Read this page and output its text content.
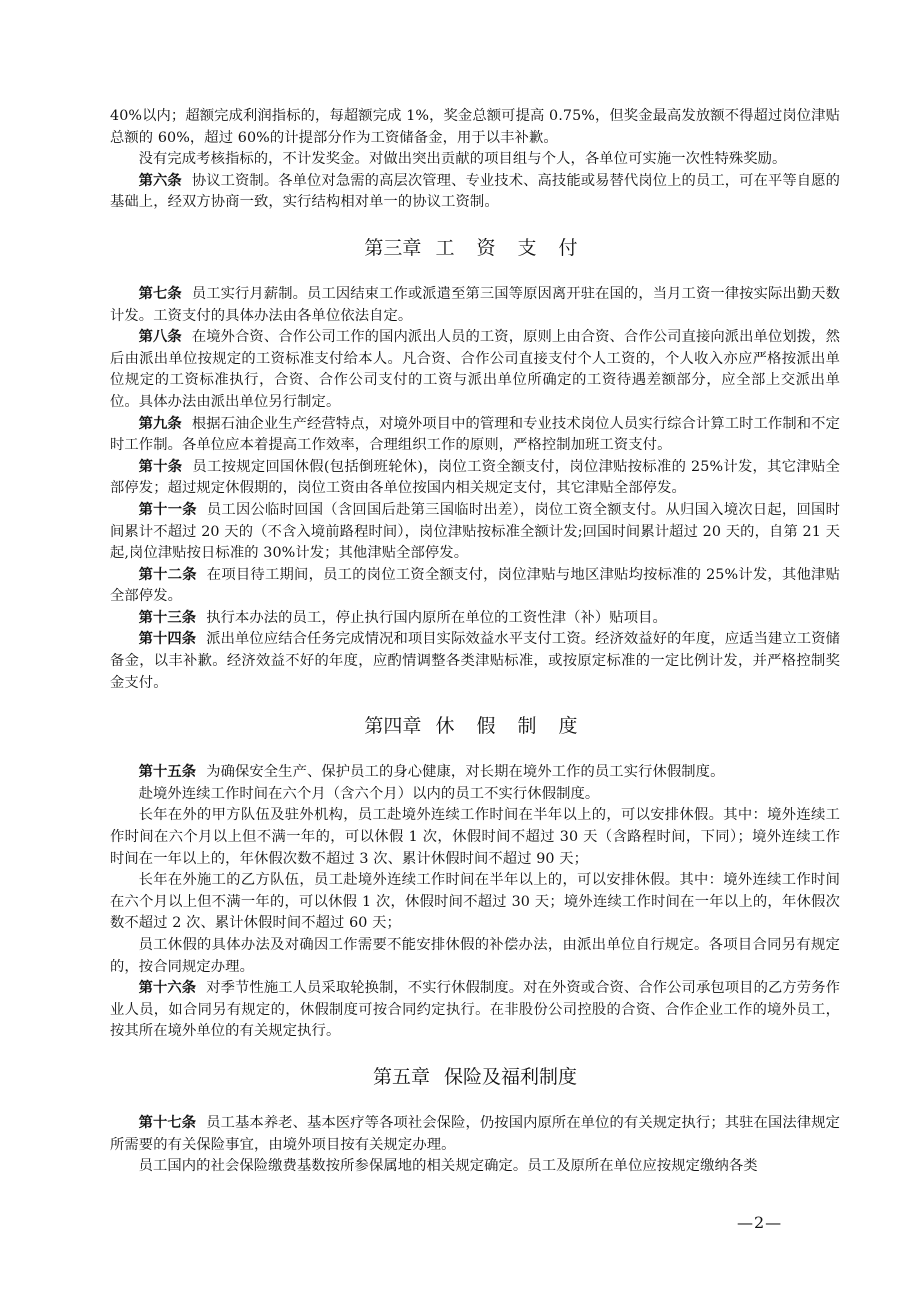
40%以内；超额完成利润指标的，每超额完成 1%，奖金总额可提高 0.75%，但奖金最高发放额不得超过岗位津贴总额的 60%，超过 60%的计提部分作为工资储备金，用于以丰补歉。

没有完成考核指标的，不计发奖金。对做出突出贡献的项目组与个人，各单位可实施一次性特殊奖励。

第六条 协议工资制。各单位对急需的高层次管理、专业技术、高技能或易替代岗位上的员工，可在平等自愿的基础上，经双方协商一致，实行结构相对单一的协议工资制。

第三章 工 资 支 付

第七条 员工实行月薪制。员工因结束工作或派遣至第三国等原因离开驻在国的，当月工资一律按实际出勤天数计发。工资支付的具体办法由各单位依法自定。

第八条 在境外合资、合作公司工作的国内派出人员的工资，原则上由合资、合作公司直接向派出单位划拨，然后由派出单位按规定的工资标准支付给本人。凡合资、合作公司直接支付个人工资的，个人收入亦应严格按派出单位规定的工资标准执行，合资、合作公司支付的工资与派出单位所确定的工资待遇差额部分，应全部上交派出单位。具体办法由派出单位另行制定。

第九条 根据石油企业生产经营特点，对境外项目中的管理和专业技术岗位人员实行综合计算工时工作制和不定时工作制。各单位应本着提高工作效率，合理组织工作的原则，严格控制加班工资支付。

第十条 员工按规定回国休假(包括倒班轮休)，岗位工资全额支付，岗位津贴按标准的 25%计发，其它津贴全部停发；超过规定休假期的，岗位工资由各单位按国内相关规定支付，其它津贴全部停发。

第十一条 员工因公临时回国（含回国后赴第三国临时出差），岗位工资全额支付。从归国入境次日起，回国时间累计不超过 20 天的（不含入境前路程时间），岗位津贴按标准全额计发;回国时间累计超过 20 天的，自第 21 天起,岗位津贴按日标准的 30%计发；其他津贴全部停发。

第十二条 在项目待工期间，员工的岗位工资全额支付，岗位津贴与地区津贴均按标准的 25%计发，其他津贴全部停发。

第十三条 执行本办法的员工，停止执行国内原所在单位的工资性津（补）贴项目。

第十四条 派出单位应结合任务完成情况和项目实际效益水平支付工资。经济效益好的年度，应适当建立工资储备金，以丰补歉。经济效益不好的年度，应酌情调整各类津贴标准，或按原定标准的一定比例计发，并严格控制奖金支付。

第四章 休 假 制 度

第十五条 为确保安全生产、保护员工的身心健康，对长期在境外工作的员工实行休假制度。

赴境外连续工作时间在六个月（含六个月）以内的员工不实行休假制度。

长年在外的甲方队伍及驻外机构，员工赴境外连续工作时间在半年以上的，可以安排休假。其中：境外连续工作时间在六个月以上但不满一年的，可以休假 1 次，休假时间不超过 30 天（含路程时间，下同）；境外连续工作时间在一年以上的，年休假次数不超过 3 次、累计休假时间不超过 90 天；

长年在外施工的乙方队伍，员工赴境外连续工作时间在半年以上的，可以安排休假。其中：境外连续工作时间在六个月以上但不满一年的，可以休假 1 次，休假时间不超过 30 天；境外连续工作时间在一年以上的，年休假次数不超过 2 次、累计休假时间不超过 60 天；

员工休假的具体办法及对确因工作需要不能安排休假的补偿办法，由派出单位自行规定。各项目合同另有规定的，按合同规定办理。

第十六条 对季节性施工人员采取轮换制，不实行休假制度。对在外资或合资、合作公司承包项目的乙方劳务作业人员，如合同另有规定的，休假制度可按合同约定执行。在非股份公司控股的合资、合作企业工作的境外员工，按其所在境外单位的有关规定执行。

第五章 保险及福利制度

第十七条 员工基本养老、基本医疗等各项社会保险，仍按国内原所在单位的有关规定执行；其驻在国法律规定所需要的有关保险事宜，由境外项目按有关规定办理。

员工国内的社会保险缴费基数按所参保属地的相关规定确定。员工及原所在单位应按规定缴纳各类

—2—
